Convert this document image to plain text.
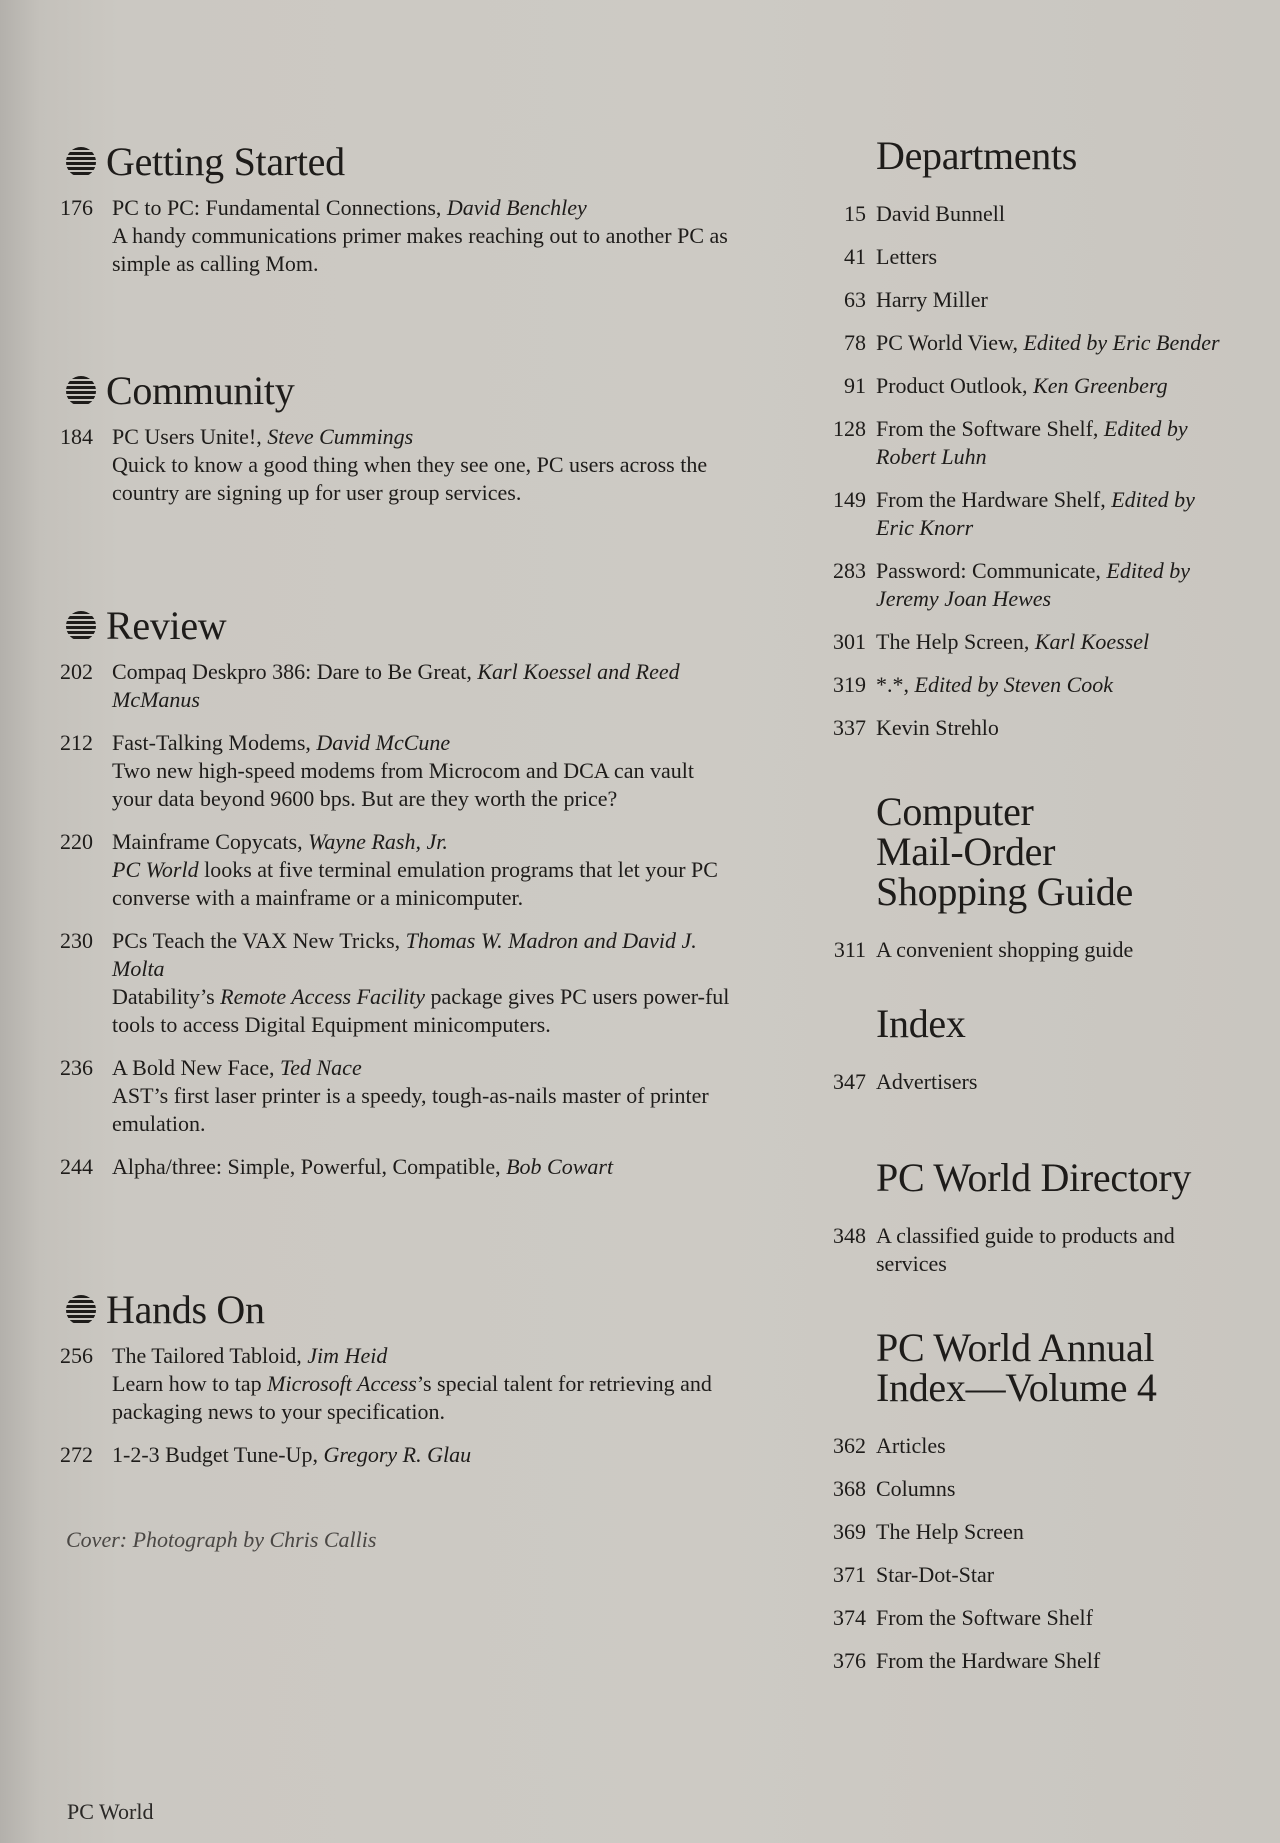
Getting Started
176 PC to PC: Fundamental Connections, David Benchley
A handy communications primer makes reaching out to another PC as simple as calling Mom.
Community
184 PC Users Unite!, Steve Cummings
Quick to know a good thing when they see one, PC users across the country are signing up for user group services.
Review
202 Compaq Deskpro 386: Dare to Be Great, Karl Koessel and Reed McManus
212 Fast-Talking Modems, David McCune
Two new high-speed modems from Microcom and DCA can vault your data beyond 9600 bps. But are they worth the price?
220 Mainframe Copycats, Wayne Rash, Jr.
PC World looks at five terminal emulation programs that let your PC converse with a mainframe or a minicomputer.
230 PCs Teach the VAX New Tricks, Thomas W. Madron and David J. Molta
Datability’s Remote Access Facility package gives PC users power-ful tools to access Digital Equipment minicomputers.
236 A Bold New Face, Ted Nace
AST’s first laser printer is a speedy, tough-as-nails master of printer emulation.
244 Alpha/three: Simple, Powerful, Compatible, Bob Cowart
Hands On
256 The Tailored Tabloid, Jim Heid
Learn how to tap Microsoft Access’s special talent for retrieving and packaging news to your specification.
272 1-2-3 Budget Tune-Up, Gregory R. Glau
Cover: Photograph by Chris Callis
PC World
Departments
15 David Bunnell
41 Letters
63 Harry Miller
78 PC World View, Edited by Eric Bender
91 Product Outlook, Ken Greenberg
128 From the Software Shelf, Edited by Robert Luhn
149 From the Hardware Shelf, Edited by Eric Knorr
283 Password: Communicate, Edited by Jeremy Joan Hewes
301 The Help Screen, Karl Koessel
319 *.*, Edited by Steven Cook
337 Kevin Strehlo
Computer
Mail-Order
Shopping Guide
311 A convenient shopping guide
Index
347 Advertisers
PC World Directory
348 A classified guide to products and services
PC World Annual
Index—Volume 4
362 Articles
368 Columns
369 The Help Screen
371 Star-Dot-Star
374 From the Software Shelf
376 From the Hardware Shelf
